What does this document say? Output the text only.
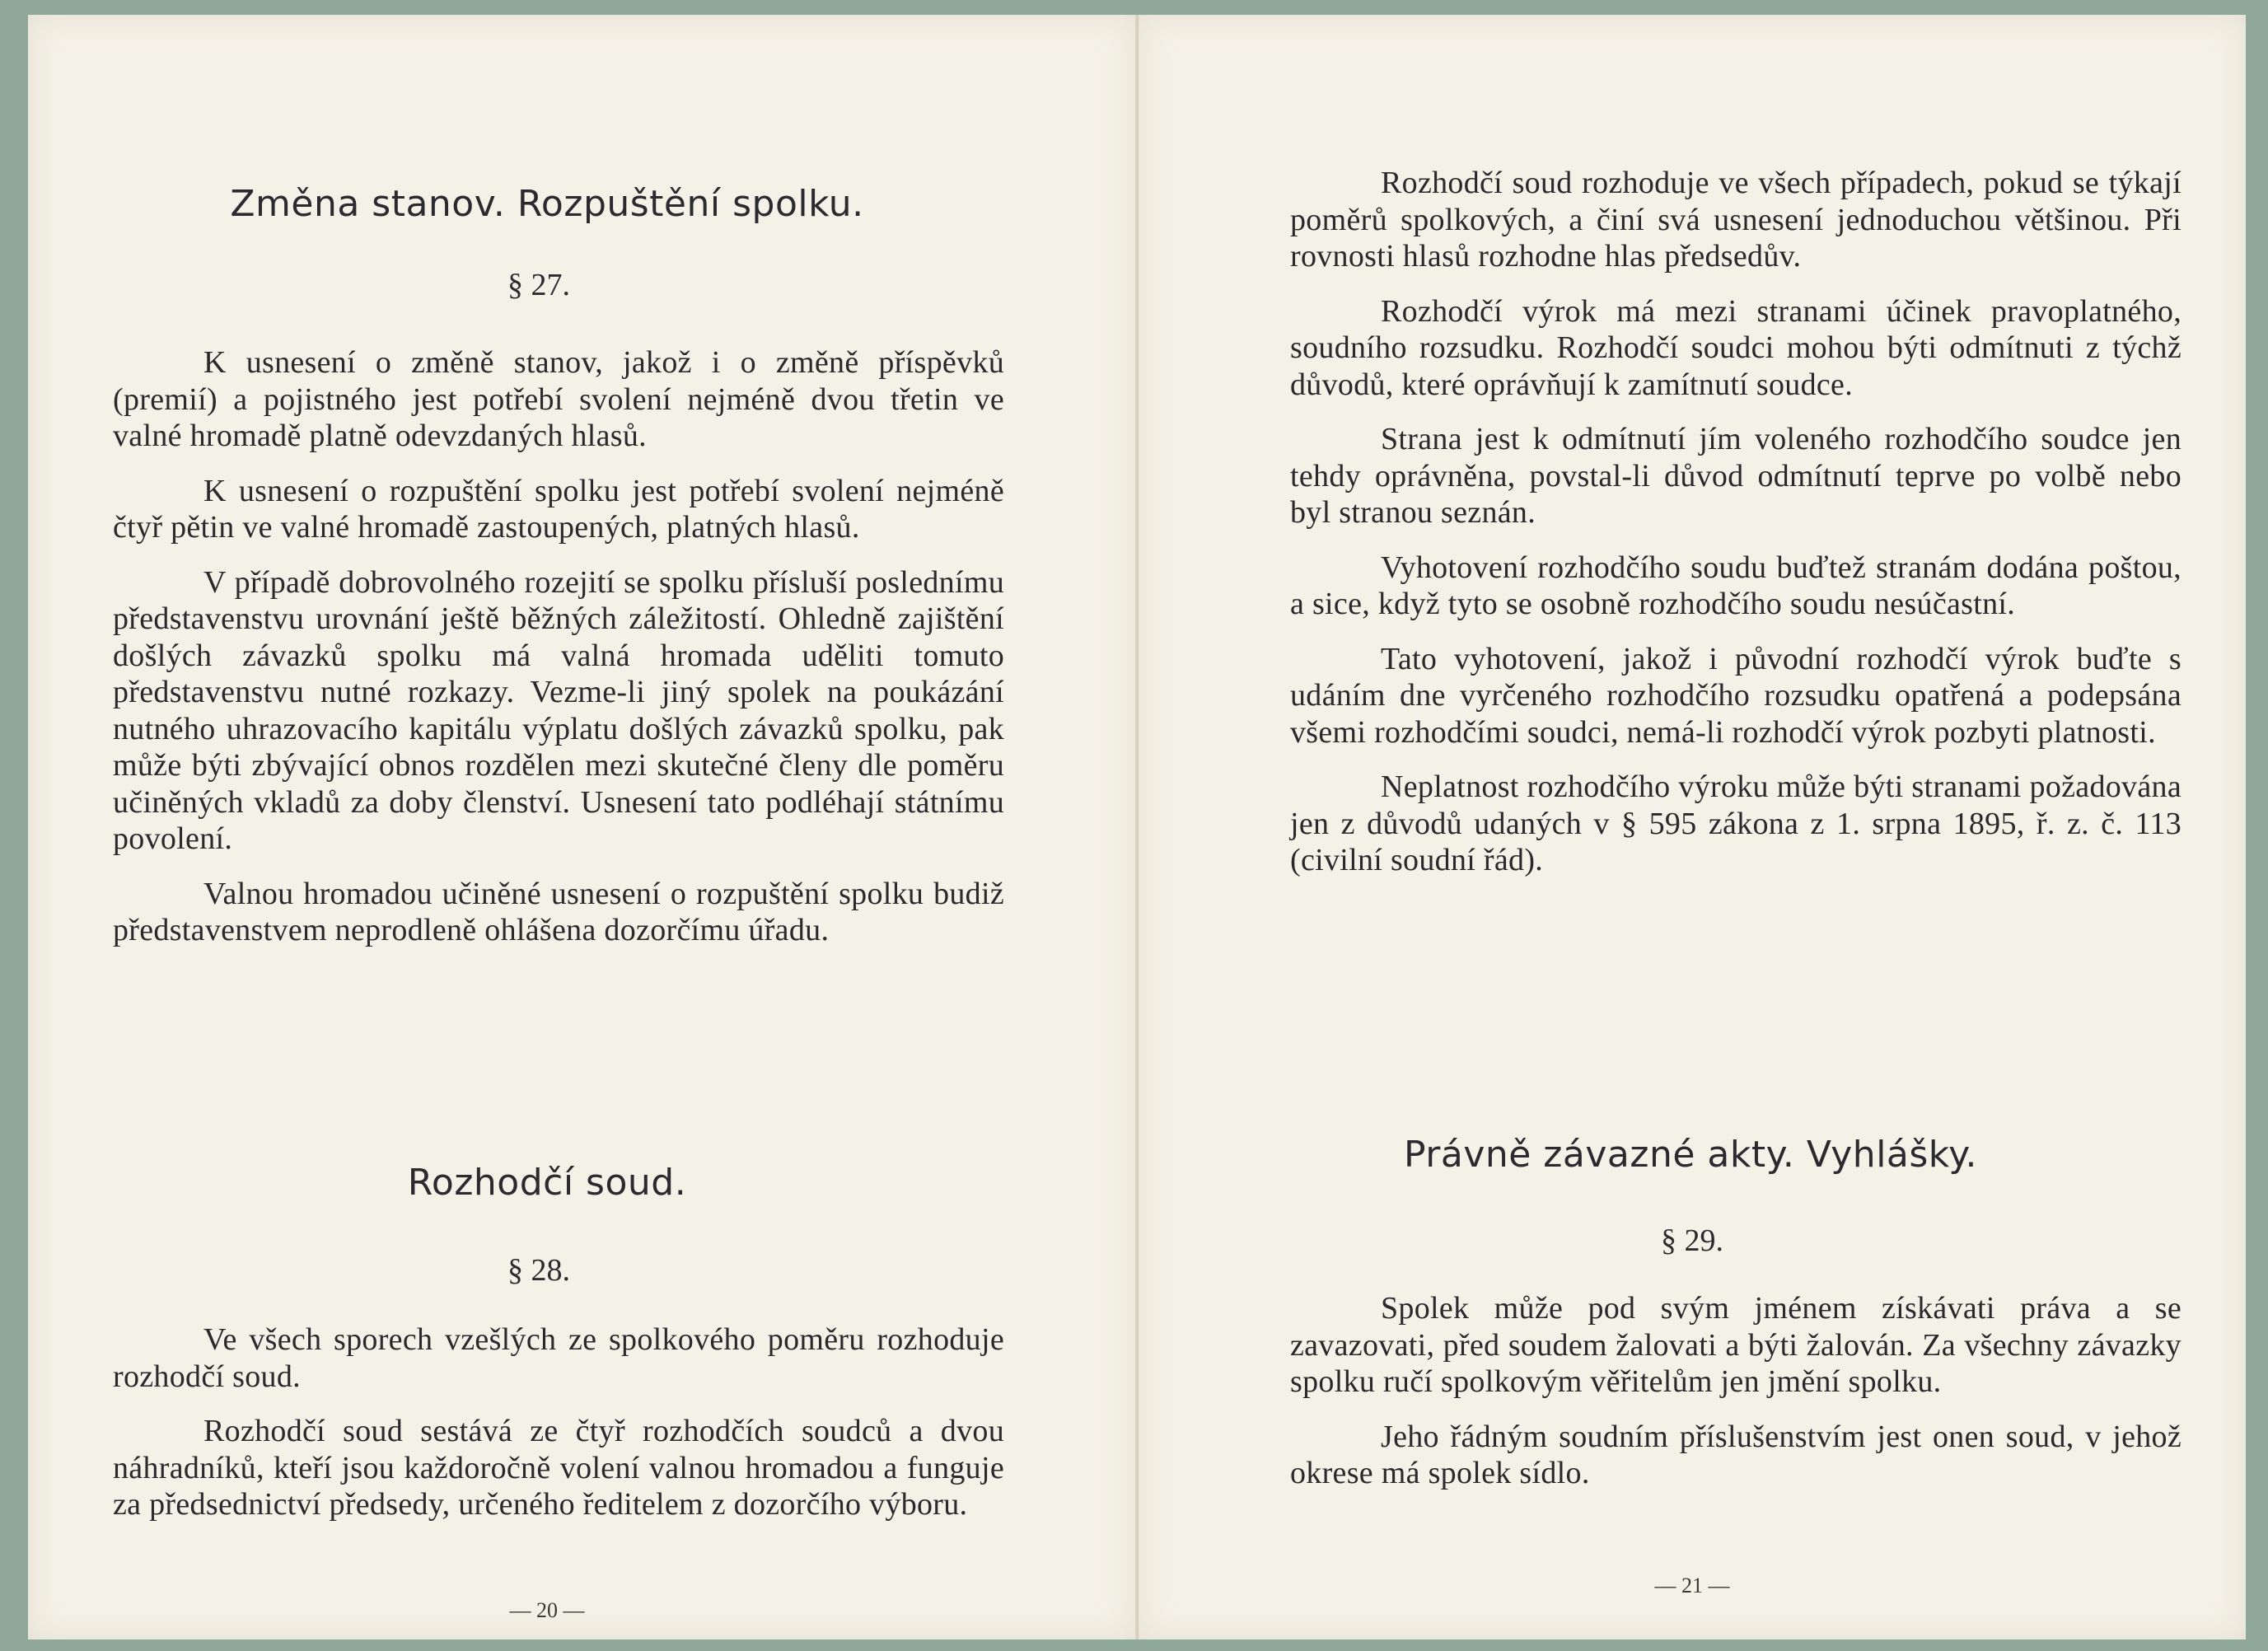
Změna stanov. Rozpuštění spolku.
§ 27.

K usnesení o změně stanov, jakož i o změně příspěvků (premií) a pojistného jest potřebí svolení nejméně dvou třetin ve valné hromadě platně odevzdaných hlasů.

K usnesení o rozpuštění spolku jest potřebí svolení nejméně čtyř pětin ve valné hromadě zastoupených, platných hlasů.

V případě dobrovolného rozejití se spolku přísluší poslednímu představenstvu urovnání ještě běžných záležitostí. Ohledně zajištění došlých závazků spolku má valná hromada uděliti tomuto představenstvu nutné rozkazy. Vezme-li jiný spolek na poukázání nutného uhrazovacího kapitálu výplatu došlých závazků spolku, pak může býti zbývající obnos rozdělen mezi skutečné členy dle poměru učiněných vkladů za doby členství. Usnesení tato podléhají státnímu povolení.

Valnou hromadou učiněné usnesení o rozpuštění spolku budiž představenstvem neprodleně ohlášena dozorčímu úřadu.

Rozhodčí soud.
§ 28.

Ve všech sporech vzešlých ze spolkového poměru rozhoduje rozhodčí soud.

Rozhodčí soud sestává ze čtyř rozhodčích soudců a dvou náhradníků, kteří jsou každoročně volení valnou hromadou a funguje za předsednictví předsedy, určeného ředitelem z dozorčího výboru.

— 20 —

Rozhodčí soud rozhoduje ve všech případech, pokud se týkají poměrů spolkových, a činí svá usnesení jednoduchou většinou. Při rovnosti hlasů rozhodne hlas předsedův.

Rozhodčí výrok má mezi stranami účinek pravoplatného, soudního rozsudku. Rozhodčí soudci mohou býti odmítnuti z týchž důvodů, které oprávňují k zamítnutí soudce.

Strana jest k odmítnutí jím voleného rozhodčího soudce jen tehdy oprávněna, povstal-li důvod odmítnutí teprve po volbě nebo byl stranou seznán.

Vyhotovení rozhodčího soudu buďtež stranám dodána poštou, a sice, když tyto se osobně rozhodčího soudu nesúčastní.

Tato vyhotovení, jakož i původní rozhodčí výrok buďte s udáním dne vyrčeného rozhodčího rozsudku opatřená a podepsána všemi rozhodčími soudci, nemá-li rozhodčí výrok pozbyti platnosti.

Neplatnost rozhodčího výroku může býti stranami požadována jen z důvodů udaných v § 595 zákona z 1. srpna 1895, ř. z. č. 113 (civilní soudní řád).

Právně závazné akty. Vyhlášky.
§ 29.

Spolek může pod svým jménem získávati práva a se zavazovati, před soudem žalovati a býti žalován. Za všechny závazky spolku ručí spolkovým věřitelům jen jmění spolku.

Jeho řádným soudním příslušenstvím jest onen soud, v jehož okrese má spolek sídlo.

— 21 —
